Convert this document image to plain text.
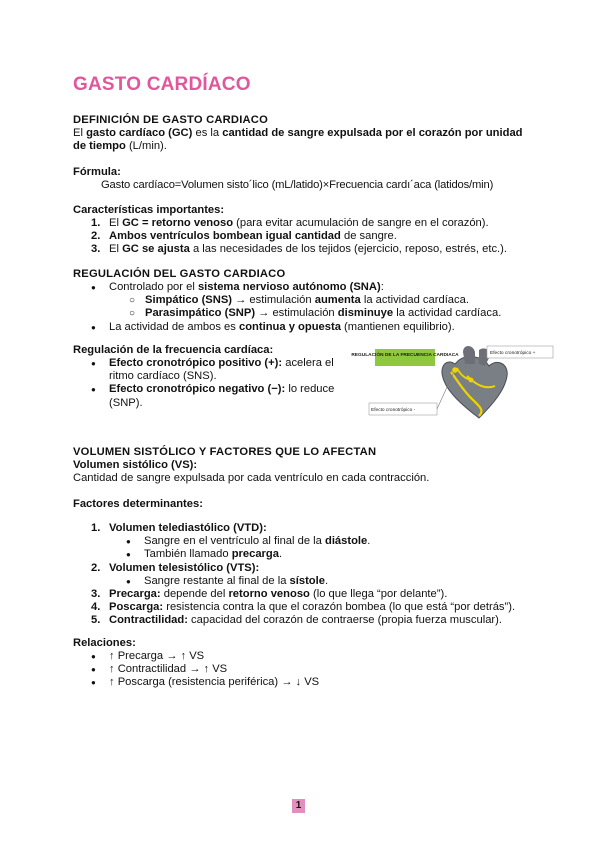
GASTO CARDÍACO
DEFINICIÓN DE GASTO CARDIACO
El gasto cardíaco (GC) es la cantidad de sangre expulsada por el corazón por unidad
de tiempo (L/min).
Fórmula:
Gasto cardíaco=Volumen sisto´lico (mL/latido)×Frecuencia cardı´aca (latidos/min)
Características importantes:
1. El GC = retorno venoso (para evitar acumulación de sangre en el corazón).
2. Ambos ventrículos bombean igual cantidad de sangre.
3. El GC se ajusta a las necesidades de los tejidos (ejercicio, reposo, estrés, etc.).
REGULACIÓN DEL GASTO CARDIACO
● Controlado por el sistema nervioso autónomo (SNA):
○ Simpático (SNS) → estimulación aumenta la actividad cardíaca.
○ Parasimpático (SNP) → estimulación disminuye la actividad cardíaca.
● La actividad de ambos es continua y opuesta (mantienen equilibrio).
Regulación de la frecuencia cardíaca:
● Efecto cronotrópico positivo (+): acelera el
ritmo cardíaco (SNS).
● Efecto cronotrópico negativo (−): lo reduce
(SNP).
REGULACIÓN DE LA FRECUENCIA CARDIACA	Efecto cronotrópico +
Efecto cronotrópico -
VOLUMEN SISTÓLICO Y FACTORES QUE LO AFECTAN
Volumen sistólico (VS):
Cantidad de sangre expulsada por cada ventrículo en cada contracción.
Factores determinantes:
1. Volumen telediastólico (VTD):
● Sangre en el ventrículo al final de la diástole.
● También llamado precarga.
2. Volumen telesistólico (VTS):
● Sangre restante al final de la sístole.
3. Precarga: depende del retorno venoso (lo que llega “por delante”).
4. Poscarga: resistencia contra la que el corazón bombea (lo que está “por detrás”).
5. Contractilidad: capacidad del corazón de contraerse (propia fuerza muscular).
Relaciones:
● ↑ Precarga → ↑ VS
● ↑ Contractilidad → ↑ VS
● ↑ Poscarga (resistencia periférica) → ↓ VS
1
